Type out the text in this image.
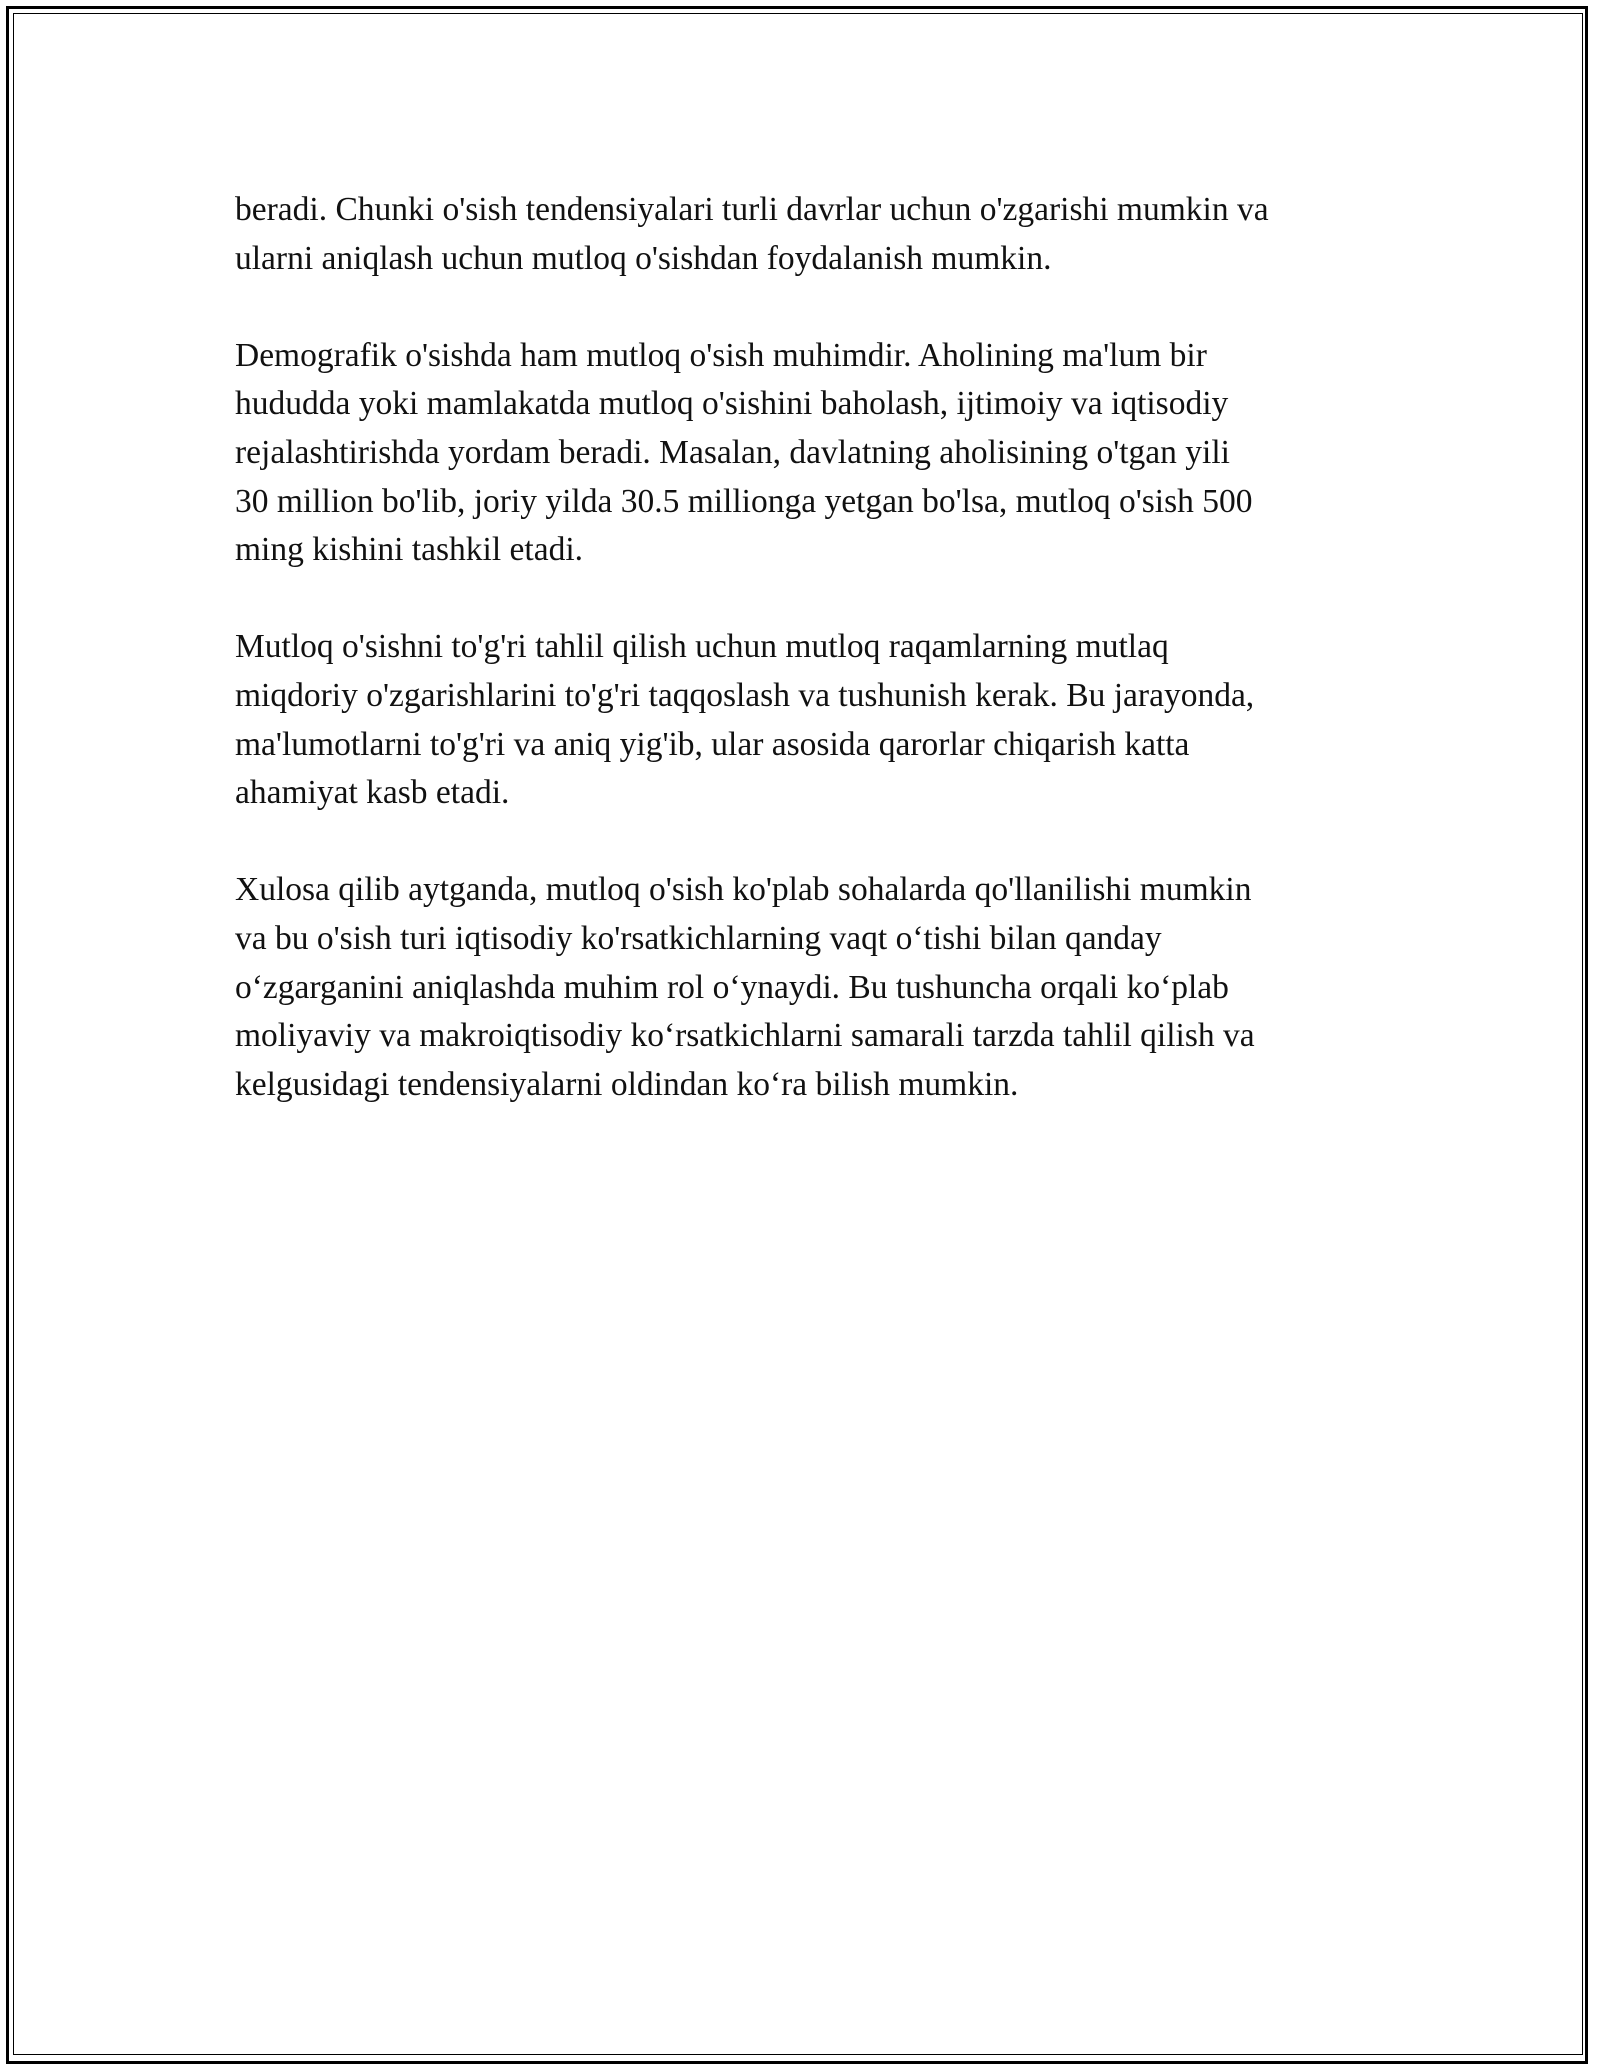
beradi. Chunki o'sish tendensiyalari turli davrlar uchun o'zgarishi mumkin va
ularni aniqlash uchun mutloq o'sishdan foydalanish mumkin.

Demografik o'sishda ham mutloq o'sish muhimdir. Aholining ma'lum bir
hududda yoki mamlakatda mutloq o'sishini baholash, ijtimoiy va iqtisodiy
rejalashtirishda yordam beradi. Masalan, davlatning aholisining o'tgan yili
30 million bo'lib, joriy yilda 30.5 millionga yetgan bo'lsa, mutloq o'sish 500
ming kishini tashkil etadi.

Mutloq o'sishni to'g'ri tahlil qilish uchun mutloq raqamlarning mutlaq
miqdoriy o'zgarishlarini to'g'ri taqqoslash va tushunish kerak. Bu jarayonda,
ma'lumotlarni to'g'ri va aniq yig'ib, ular asosida qarorlar chiqarish katta
ahamiyat kasb etadi.

Xulosa qilib aytganda, mutloq o'sish ko'plab sohalarda qo'llanilishi mumkin
va bu o'sish turi iqtisodiy ko'rsatkichlarning vaqt o‘tishi bilan qanday
o‘zgarganini aniqlashda muhim rol o‘ynaydi. Bu tushuncha orqali ko‘plab
moliyaviy va makroiqtisodiy ko‘rsatkichlarni samarali tarzda tahlil qilish va
kelgusidagi tendensiyalarni oldindan ko‘ra bilish mumkin.
